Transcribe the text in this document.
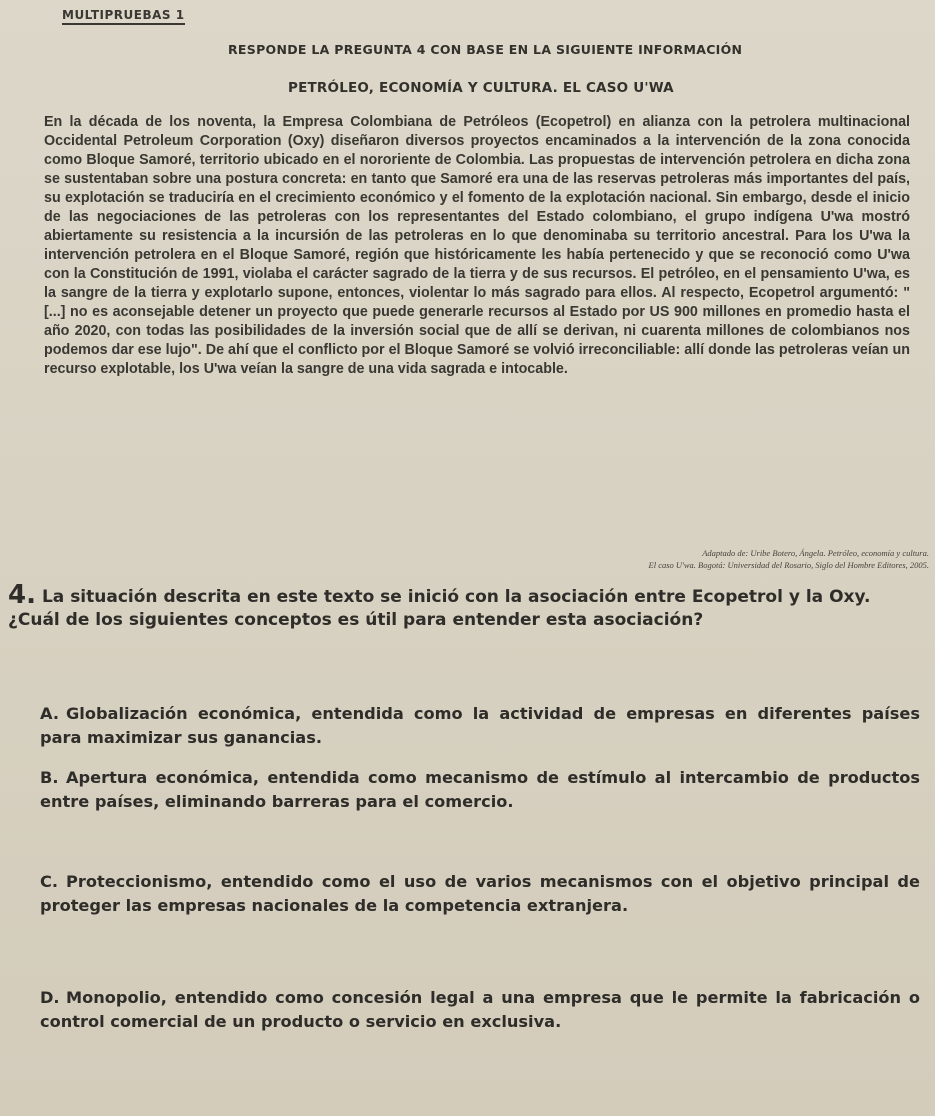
MULTIPRUEBAS 1
RESPONDE LA PREGUNTA 4 CON BASE EN LA SIGUIENTE INFORMACIÓN
PETRÓLEO, ECONOMÍA Y CULTURA. EL CASO U'WA

En la década de los noventa, la Empresa Colombiana de Petróleos (Ecopetrol) en alianza con la petrolera multinacional Occidental Petroleum Corporation (Oxy) diseñaron diversos proyectos encaminados a la intervención de la zona conocida como Bloque Samoré, territorio ubicado en el nororiente de Colombia. Las propuestas de intervención petrolera en dicha zona se sustentaban sobre una postura concreta: en tanto que Samoré era una de las reservas petroleras más importantes del país, su explotación se traduciría en el crecimiento económico y el fomento de la explotación nacional. Sin embargo, desde el inicio de las negociaciones de las petroleras con los representantes del Estado colombiano, el grupo indígena U'wa mostró abiertamente su resistencia a la incursión de las petroleras en lo que denominaba su territorio ancestral. Para los U'wa la intervención petrolera en el Bloque Samoré, región que históricamente les había pertenecido y que se reconoció como U'wa con la Constitución de 1991, violaba el carácter sagrado de la tierra y de sus recursos. El petróleo, en el pensamiento U'wa, es la sangre de la tierra y explotarlo supone, entonces, violentar lo más sagrado para ellos. Al respecto, Ecopetrol argumentó: "[...] no es aconsejable detener un proyecto que puede generarle recursos al Estado por US 900 millones en promedio hasta el año 2020, con todas las posibilidades de la inversión social que de allí se derivan, ni cuarenta millones de colombianos nos podemos dar ese lujo". De ahí que el conflicto por el Bloque Samoré se volvió irreconciliable: allí donde las petroleras veían un recurso explotable, los U'wa veían la sangre de una vida sagrada e intocable.

Adaptado de: Uribe Botero, Ángela. Petróleo, economía y cultura.
El caso U'wa. Bogotá: Universidad del Rosario, Siglo del Hombre Editores, 2005.
4. La situación descrita en este texto se inició con la asociación entre Ecopetrol y la Oxy. ¿Cuál de los siguientes conceptos es útil para entender esta asociación?
A. Globalización económica, entendida como la actividad de empresas en diferentes países para maximizar sus ganancias.
B. Apertura económica, entendida como mecanismo de estímulo al intercambio de productos entre países, eliminando barreras para el comercio.
C. Proteccionismo, entendido como el uso de varios mecanismos con el objetivo principal de proteger las empresas nacionales de la competencia extranjera.
D. Monopolio, entendido como concesión legal a una empresa que le permite la fabricación o control comercial de un producto o servicio en exclusiva.
